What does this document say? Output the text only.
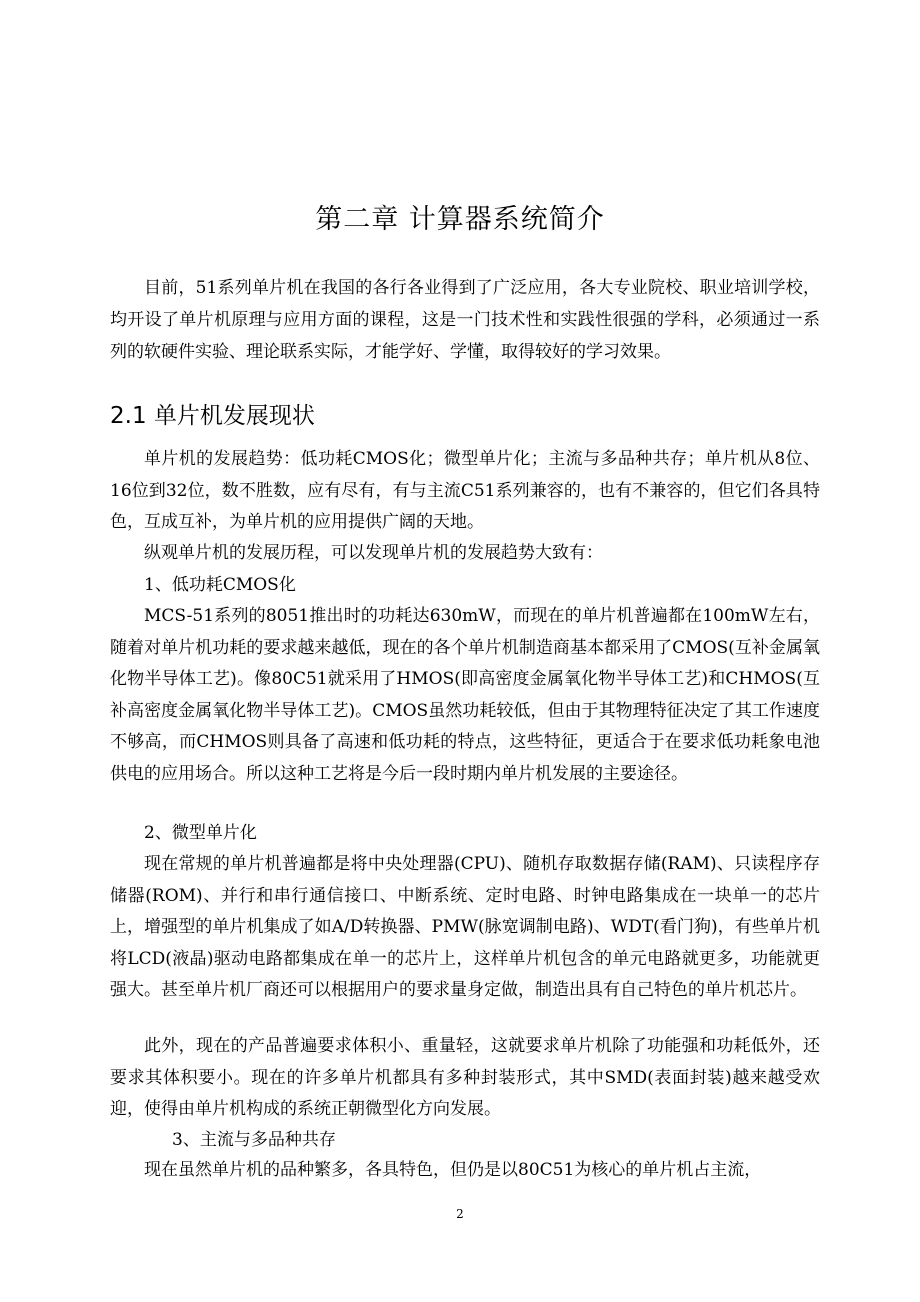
第二章 计算器系统简介

目前，51系列单片机在我国的各行各业得到了广泛应用，各大专业院校、职业培训学校，均开设了单片机原理与应用方面的课程，这是一门技术性和实践性很强的学科，必须通过一系列的软硬件实验、理论联系实际，才能学好、学懂，取得较好的学习效果。

2.1 单片机发展现状

单片机的发展趋势：低功耗CMOS化；微型单片化；主流与多品种共存；单片机从8位、16位到32位，数不胜数，应有尽有，有与主流C51系列兼容的，也有不兼容的，但它们各具特色，互成互补，为单片机的应用提供广阔的天地。

纵观单片机的发展历程，可以发现单片机的发展趋势大致有：

1、低功耗CMOS化

MCS-51系列的8051推出时的功耗达630mW，而现在的单片机普遍都在100mW左右，随着对单片机功耗的要求越来越低，现在的各个单片机制造商基本都采用了CMOS(互补金属氧化物半导体工艺)。像80C51就采用了HMOS(即高密度金属氧化物半导体工艺)和CHMOS(互补高密度金属氧化物半导体工艺)。CMOS虽然功耗较低，但由于其物理特征决定了其工作速度不够高，而CHMOS则具备了高速和低功耗的特点，这些特征，更适合于在要求低功耗象电池供电的应用场合。所以这种工艺将是今后一段时期内单片机发展的主要途径。

2、微型单片化

现在常规的单片机普遍都是将中央处理器(CPU)、随机存取数据存储(RAM)、只读程序存储器(ROM)、并行和串行通信接口、中断系统、定时电路、时钟电路集成在一块单一的芯片上，增强型的单片机集成了如A/D转换器、PMW(脉宽调制电路)、WDT(看门狗)，有些单片机将LCD(液晶)驱动电路都集成在单一的芯片上，这样单片机包含的单元电路就更多，功能就更强大。甚至单片机厂商还可以根据用户的要求量身定做，制造出具有自己特色的单片机芯片。

此外，现在的产品普遍要求体积小、重量轻，这就要求单片机除了功能强和功耗低外，还要求其体积要小。现在的许多单片机都具有多种封装形式，其中SMD(表面封装)越来越受欢迎，使得由单片机构成的系统正朝微型化方向发展。

3、主流与多品种共存

现在虽然单片机的品种繁多，各具特色，但仍是以80C51为核心的单片机占主流，

2
